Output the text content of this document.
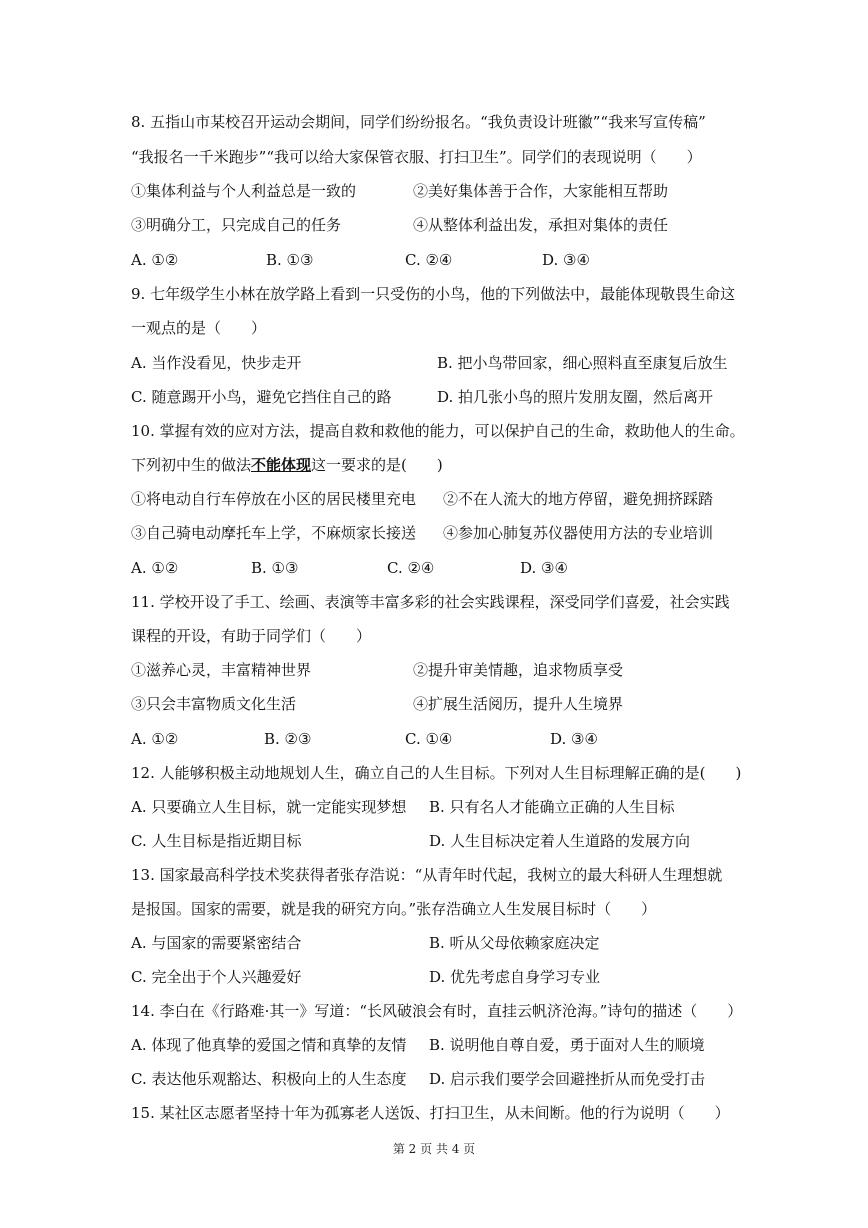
8. 五指山市某校召开运动会期间，同学们纷纷报名。“我负责设计班徽”“我来写宣传稿”
“我报名一千米跑步”“我可以给大家保管衣服、打扫卫生”。同学们的表现说明（　　）
①集体利益与个人利益总是一致的	②美好集体善于合作，大家能相互帮助
③明确分工，只完成自己的任务	④从整体利益出发，承担对集体的责任
A. ①②	B. ①③	C. ②④	D. ③④
9. 七年级学生小林在放学路上看到一只受伤的小鸟，他的下列做法中，最能体现敬畏生命这
一观点的是（　　）
A. 当作没看见，快步走开	B. 把小鸟带回家，细心照料直至康复后放生
C. 随意踢开小鸟，避免它挡住自己的路	D. 拍几张小鸟的照片发朋友圈，然后离开
10. 掌握有效的应对方法，提高自救和救他的能力，可以保护自己的生命，救助他人的生命。
下列初中生的做法不能体现这一要求的是(　　)
①将电动自行车停放在小区的居民楼里充电 ②不在人流大的地方停留，避免拥挤踩踏
③自己骑电动摩托车上学，不麻烦家长接送 ④参加心肺复苏仪器使用方法的专业培训
A. ①②	B. ①③	C. ②④	D. ③④
11. 学校开设了手工、绘画、表演等丰富多彩的社会实践课程，深受同学们喜爱，社会实践
课程的开设，有助于同学们（　　）
①滋养心灵，丰富精神世界	②提升审美情趣，追求物质享受
③只会丰富物质文化生活	④扩展生活阅历，提升人生境界
A. ①②	B. ②③	C. ①④	D. ③④
12. 人能够积极主动地规划人生，确立自己的人生目标。下列对人生目标理解正确的是(　　)
A. 只要确立人生目标，就一定能实现梦想 B. 只有名人才能确立正确的人生目标
C. 人生目标是指近期目标	D. 人生目标决定着人生道路的发展方向
13. 国家最高科学技术奖获得者张存浩说：“从青年时代起，我树立的最大科研人生理想就
是报国。国家的需要，就是我的研究方向。”张存浩确立人生发展目标时（　　）
A. 与国家的需要紧密结合	B. 听从父母依赖家庭决定
C. 完全出于个人兴趣爱好	D. 优先考虑自身学习专业
14. 李白在《行路难·其一》写道：“长风破浪会有时，直挂云帆济沧海。”诗句的描述（　　）
A. 体现了他真挚的爱国之情和真挚的友情 B. 说明他自尊自爱，勇于面对人生的顺境
C. 表达他乐观豁达、积极向上的人生态度 D. 启示我们要学会回避挫折从而免受打击
15. 某社区志愿者坚持十年为孤寡老人送饭、打扫卫生，从未间断。他的行为说明（　　）
第 2 页 共 4 页
